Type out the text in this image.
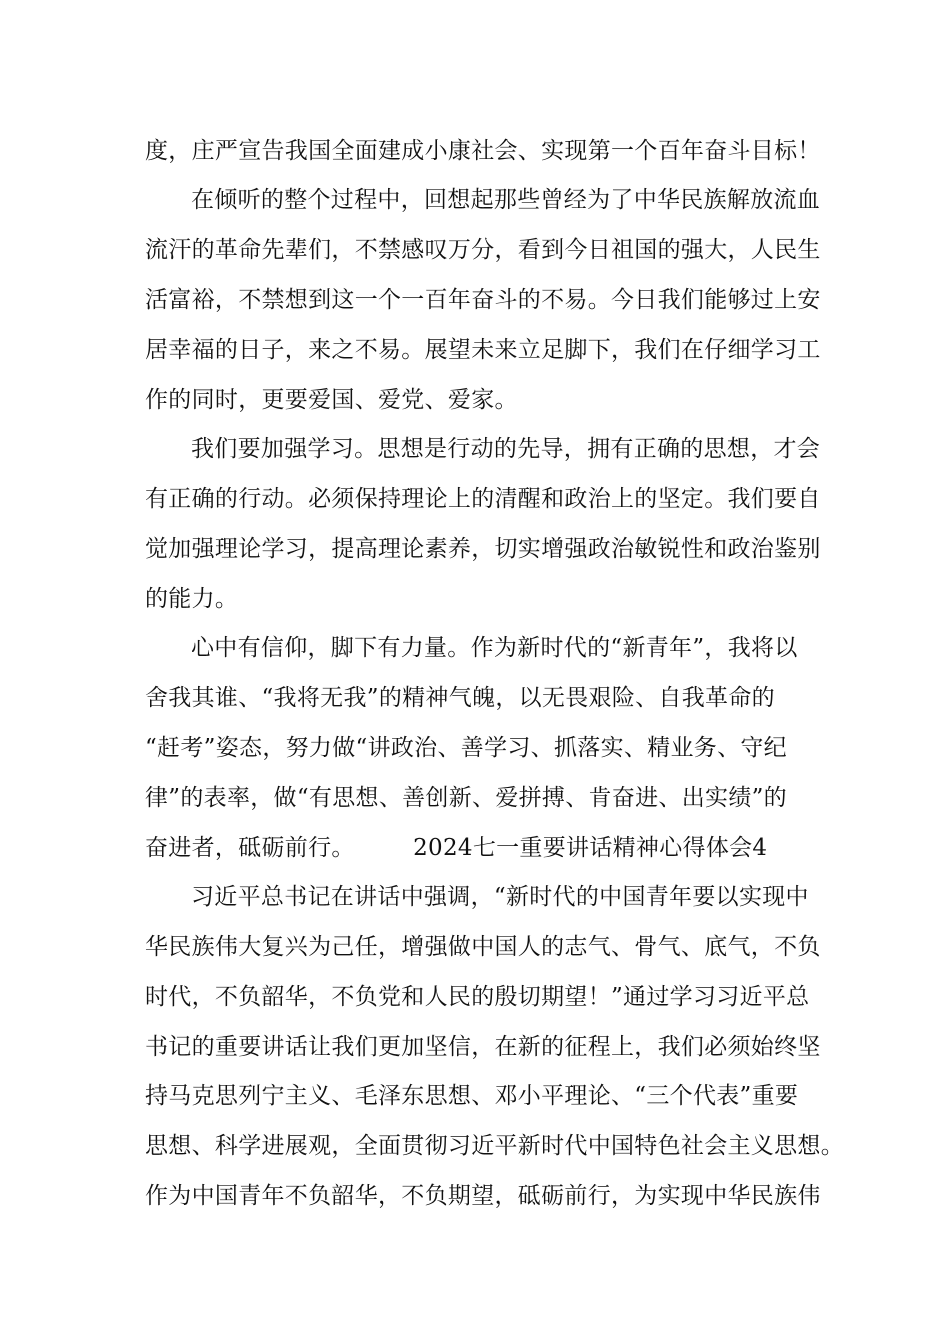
度，庄严宣告我国全面建成小康社会、实现第一个百年奋斗目标！
在倾听的整个过程中，回想起那些曾经为了中华民族解放流血
流汗的革命先辈们，不禁感叹万分，看到今日祖国的强大，人民生
活富裕，不禁想到这一个一百年奋斗的不易。今日我们能够过上安
居幸福的日子，来之不易。展望未来立足脚下，我们在仔细学习工
作的同时，更要爱国、爱党、爱家。
我们要加强学习。思想是行动的先导，拥有正确的思想，才会
有正确的行动。必须保持理论上的清醒和政治上的坚定。我们要自
觉加强理论学习，提高理论素养，切实增强政治敏锐性和政治鉴别
的能力。
心中有信仰，脚下有力量。作为新时代的“新青年”，我将以
舍我其谁、“我将无我”的精神气魄，以无畏艰险、自我革命的
“赶考”姿态，努力做“讲政治、善学习、抓落实、精业务、守纪
律”的表率，做“有思想、善创新、爱拼搏、肯奋进、出实绩”的
奋进者，砥砺前行。　　　2024七一重要讲话精神心得体会4
习近平总书记在讲话中强调，“新时代的中国青年要以实现中
华民族伟大复兴为己任，增强做中国人的志气、骨气、底气，不负
时代，不负韶华，不负党和人民的殷切期望！”通过学习习近平总
书记的重要讲话让我们更加坚信，在新的征程上，我们必须始终坚
持马克思列宁主义、毛泽东思想、邓小平理论、“三个代表”重要
思想、科学进展观，全面贯彻习近平新时代中国特色社会主义思想。
作为中国青年不负韶华，不负期望，砥砺前行，为实现中华民族伟
